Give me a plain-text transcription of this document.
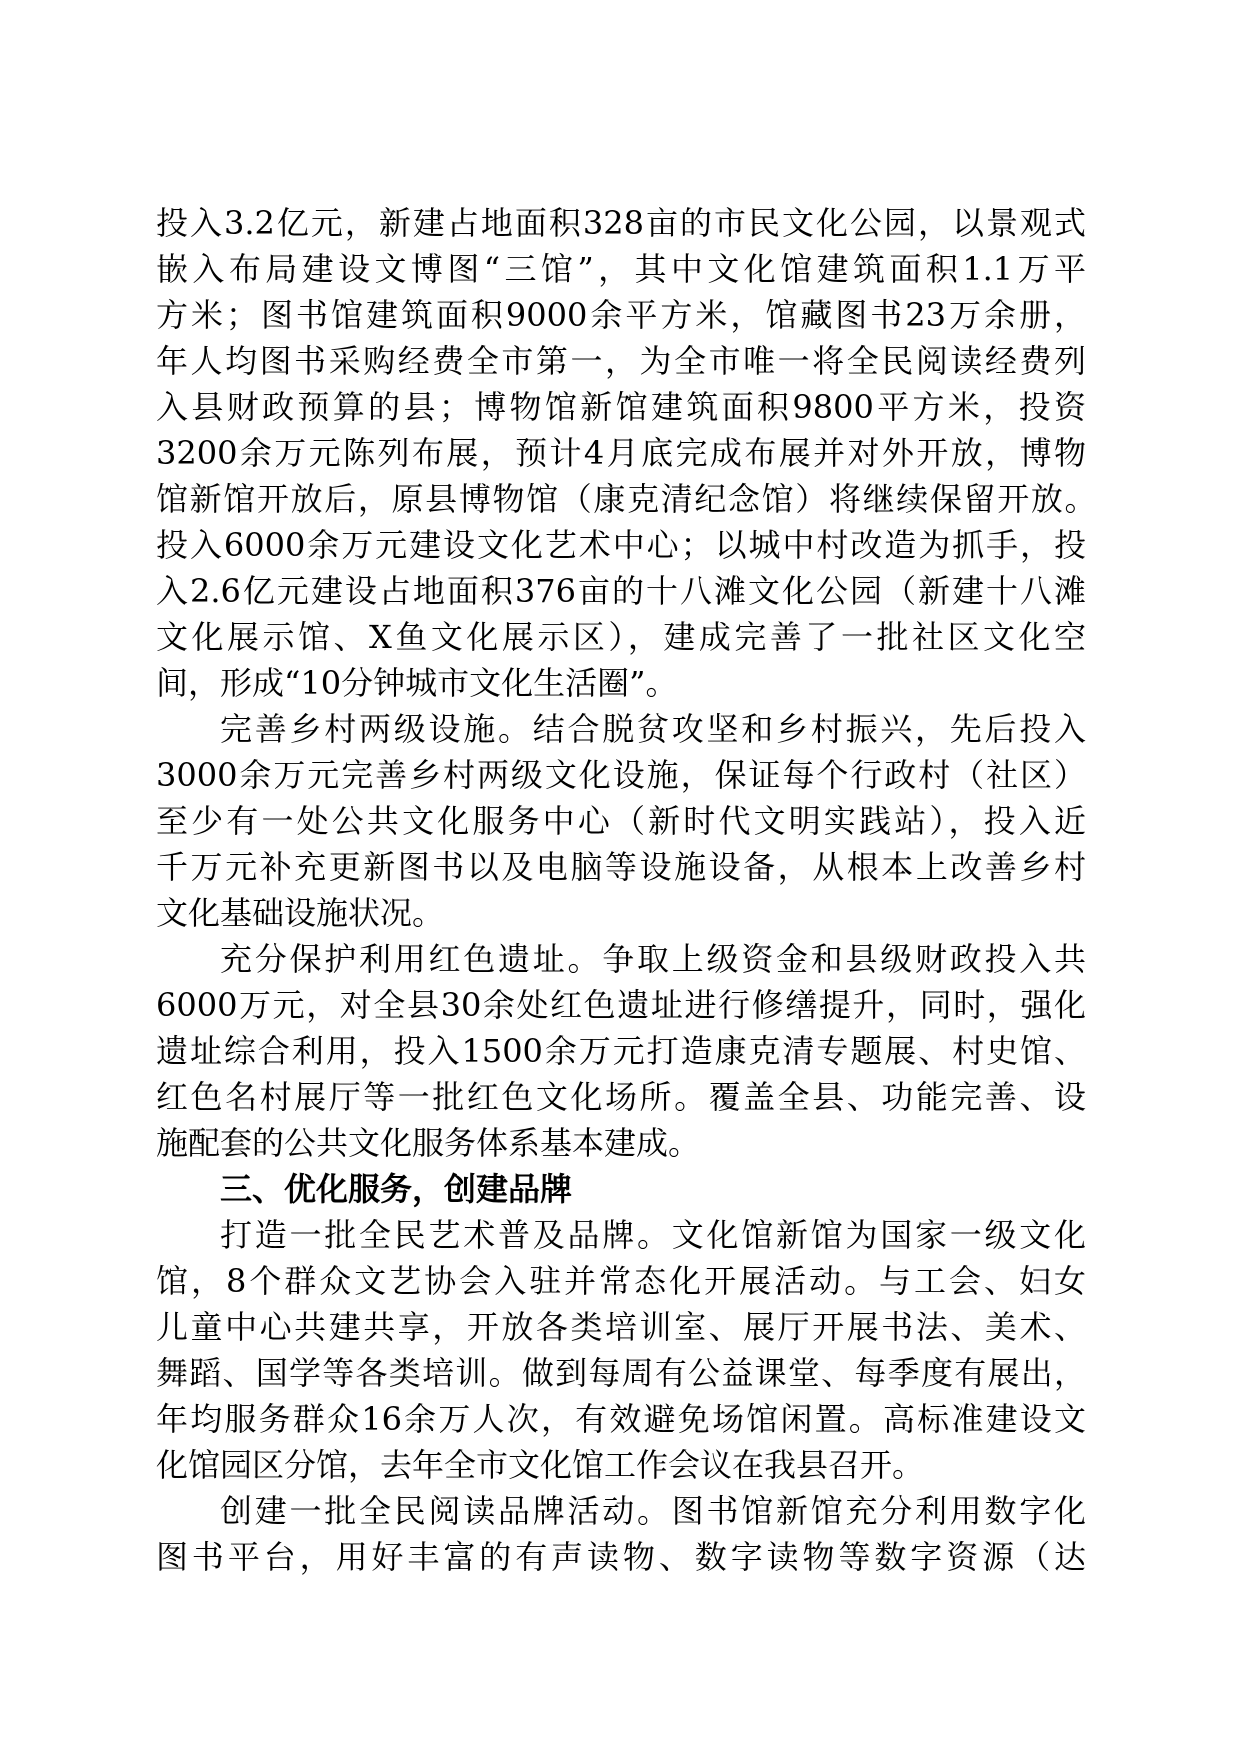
投入3.2亿元，新建占地面积328亩的市民文化公园，以景观式
嵌入布局建设文博图“三馆”，其中文化馆建筑面积1.1万平
方米；图书馆建筑面积9000余平方米，馆藏图书23万余册，
年人均图书采购经费全市第一，为全市唯一将全民阅读经费列
入县财政预算的县；博物馆新馆建筑面积9800平方米，投资
3200余万元陈列布展，预计4月底完成布展并对外开放，博物
馆新馆开放后，原县博物馆（康克清纪念馆）将继续保留开放。
投入6000余万元建设文化艺术中心；以城中村改造为抓手，投
入2.6亿元建设占地面积376亩的十八滩文化公园（新建十八滩
文化展示馆、X鱼文化展示区），建成完善了一批社区文化空
间，形成“10分钟城市文化生活圈”。
完善乡村两级设施。结合脱贫攻坚和乡村振兴，先后投入
3000余万元完善乡村两级文化设施，保证每个行政村（社区）
至少有一处公共文化服务中心（新时代文明实践站），投入近
千万元补充更新图书以及电脑等设施设备，从根本上改善乡村
文化基础设施状况。
充分保护利用红色遗址。争取上级资金和县级财政投入共
6000万元，对全县30余处红色遗址进行修缮提升，同时，强化
遗址综合利用，投入1500余万元打造康克清专题展、村史馆、
红色名村展厅等一批红色文化场所。覆盖全县、功能完善、设
施配套的公共文化服务体系基本建成。
三、优化服务，创建品牌
打造一批全民艺术普及品牌。文化馆新馆为国家一级文化
馆，8个群众文艺协会入驻并常态化开展活动。与工会、妇女
儿童中心共建共享，开放各类培训室、展厅开展书法、美术、
舞蹈、国学等各类培训。做到每周有公益课堂、每季度有展出，
年均服务群众16余万人次，有效避免场馆闲置。高标准建设文
化馆园区分馆，去年全市文化馆工作会议在我县召开。
创建一批全民阅读品牌活动。图书馆新馆充分利用数字化
图书平台，用好丰富的有声读物、数字读物等数字资源（达
